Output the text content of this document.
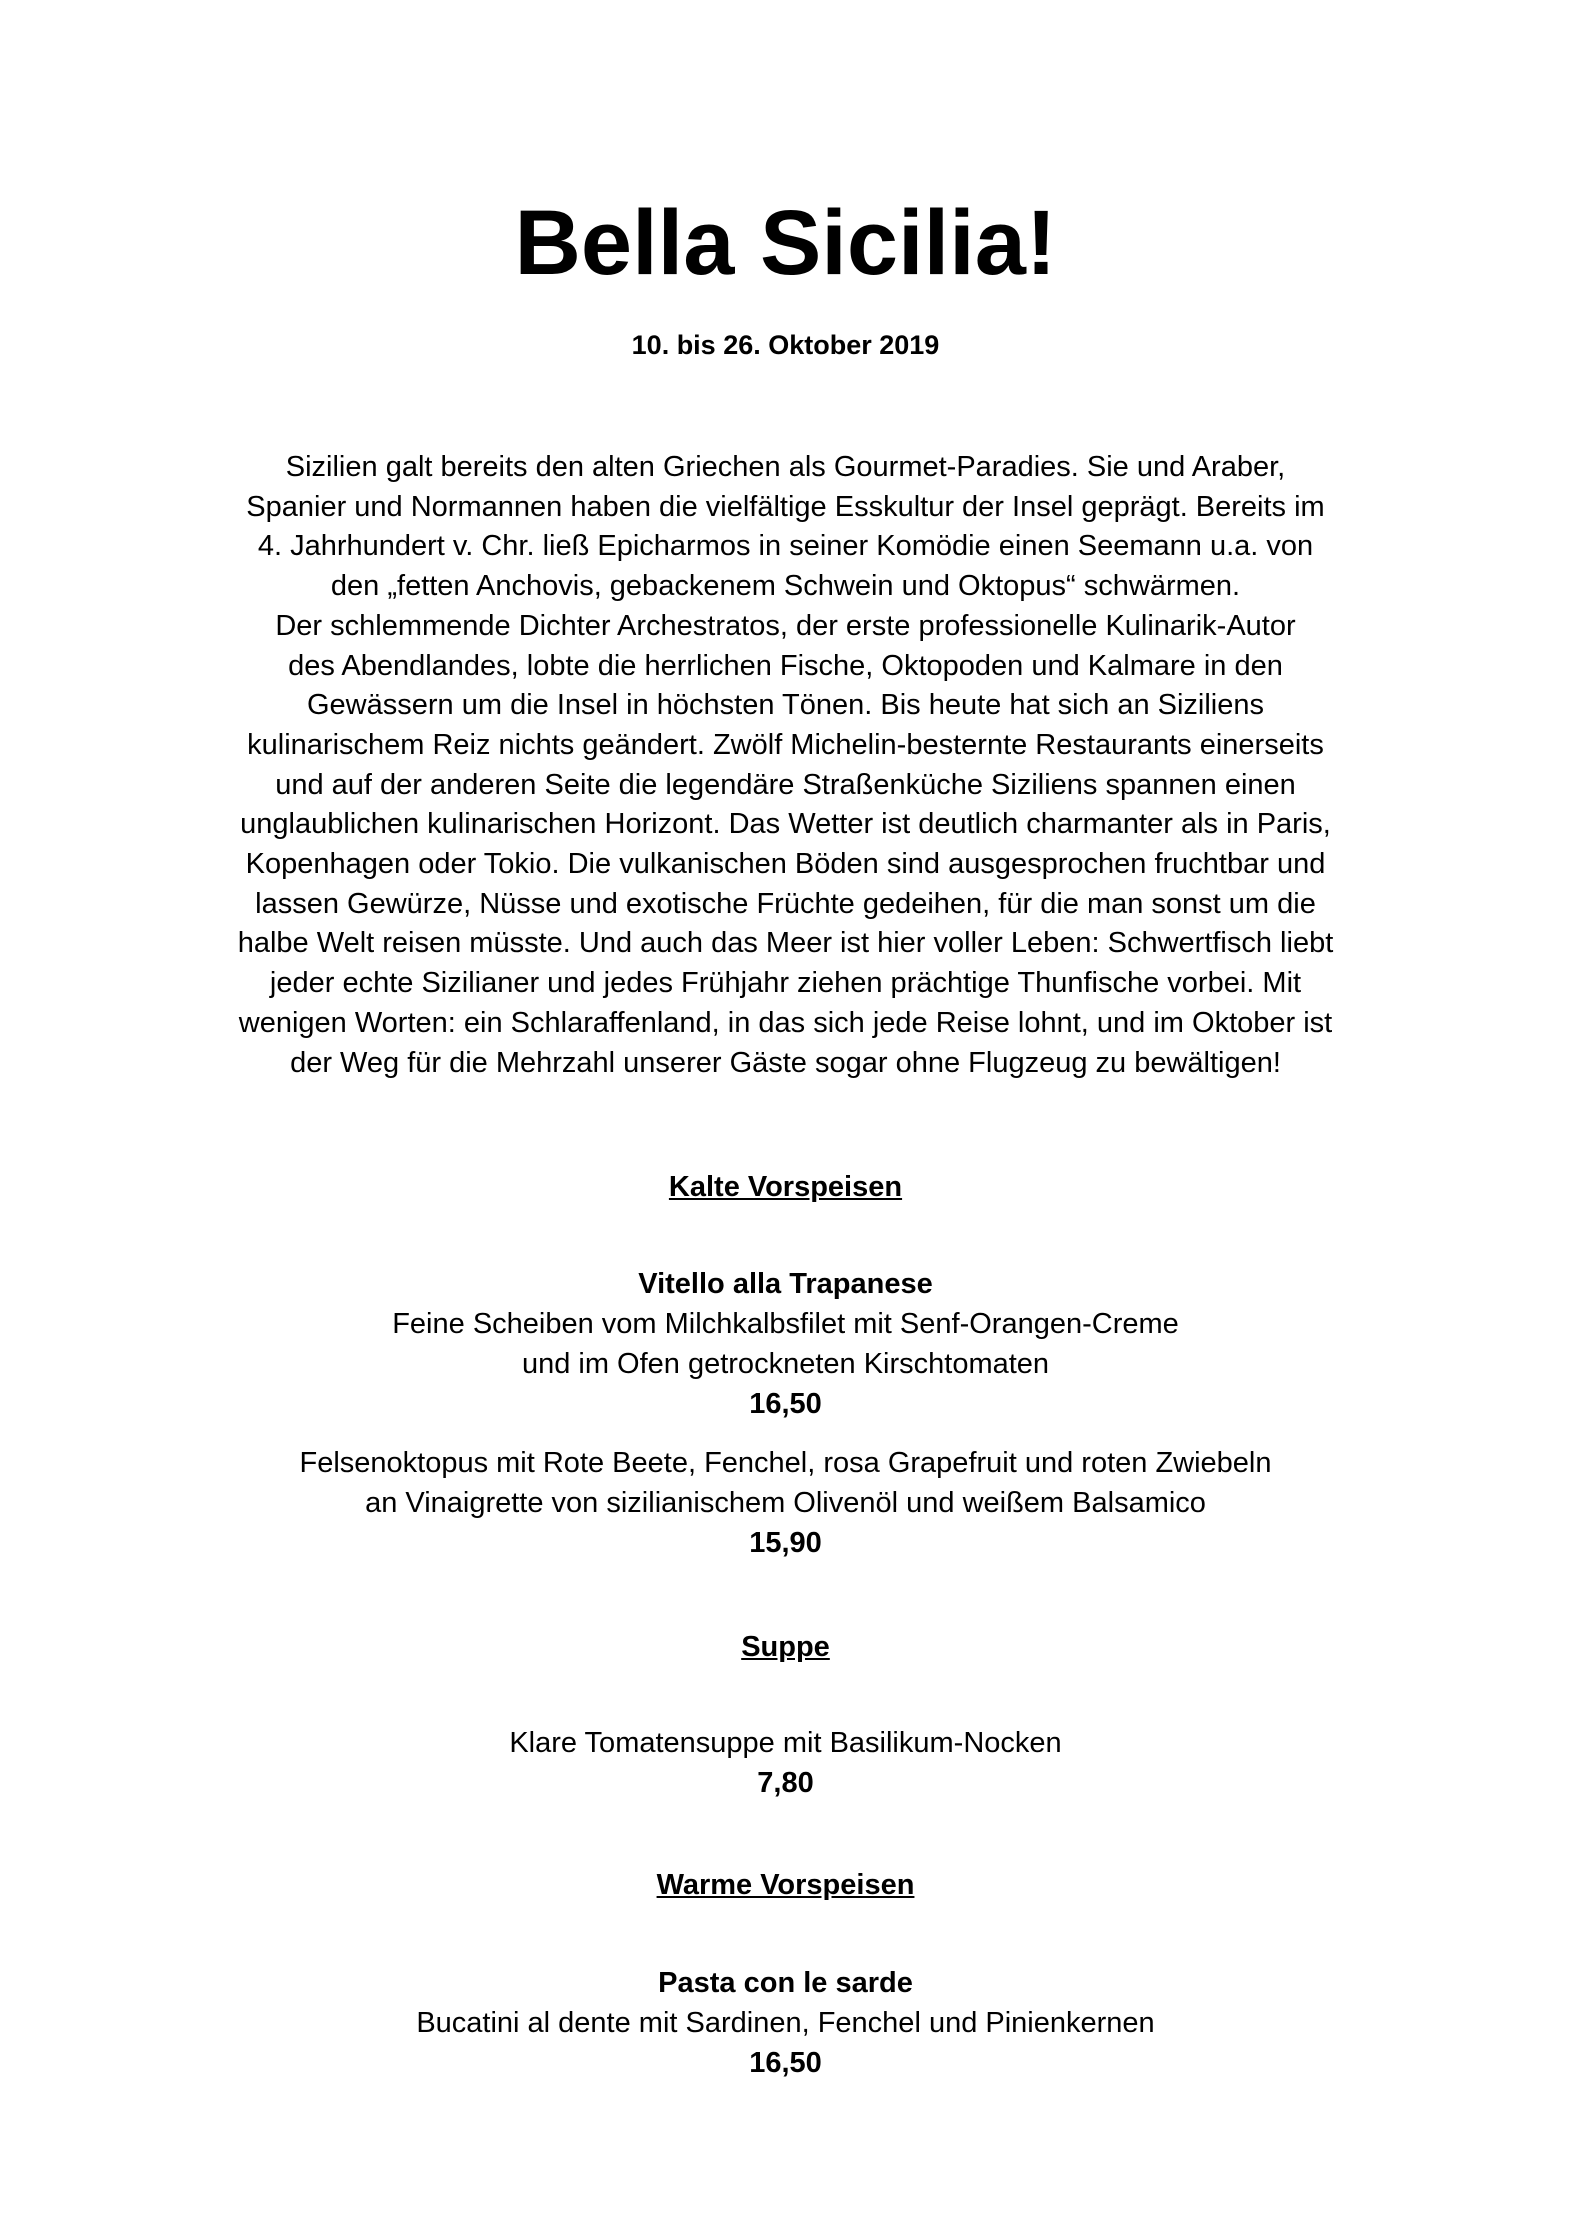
Bella Sicilia!
10. bis 26. Oktober 2019
Sizilien galt bereits den alten Griechen als Gourmet-Paradies. Sie und Araber,
Spanier und Normannen haben die vielfältige Esskultur der Insel geprägt. Bereits im
4. Jahrhundert v. Chr. ließ Epicharmos in seiner Komödie einen Seemann u.a. von
den „fetten Anchovis, gebackenem Schwein und Oktopus“ schwärmen.
Der schlemmende Dichter Archestratos, der erste professionelle Kulinarik-Autor
des Abendlandes, lobte die herrlichen Fische, Oktopoden und Kalmare in den
Gewässern um die Insel in höchsten Tönen. Bis heute hat sich an Siziliens
kulinarischem Reiz nichts geändert. Zwölf Michelin-besternte Restaurants einerseits
und auf der anderen Seite die legendäre Straßenküche Siziliens spannen einen
unglaublichen kulinarischen Horizont. Das Wetter ist deutlich charmanter als in Paris,
Kopenhagen oder Tokio. Die vulkanischen Böden sind ausgesprochen fruchtbar und
lassen Gewürze, Nüsse und exotische Früchte gedeihen, für die man sonst um die
halbe Welt reisen müsste. Und auch das Meer ist hier voller Leben: Schwertfisch liebt
jeder echte Sizilianer und jedes Frühjahr ziehen prächtige Thunfische vorbei. Mit
wenigen Worten: ein Schlaraffenland, in das sich jede Reise lohnt, und im Oktober ist
der Weg für die Mehrzahl unserer Gäste sogar ohne Flugzeug zu bewältigen!
Kalte Vorspeisen
Vitello alla Trapanese
Feine Scheiben vom Milchkalbsfilet mit Senf-Orangen-Creme
und im Ofen getrockneten Kirschtomaten
16,50
Felsenoktopus mit Rote Beete, Fenchel, rosa Grapefruit und roten Zwiebeln
an Vinaigrette von sizilianischem Olivenöl und weißem Balsamico
15,90
Suppe
Klare Tomatensuppe mit Basilikum-Nocken
7,80
Warme Vorspeisen
Pasta con le sarde
Bucatini al dente mit Sardinen, Fenchel und Pinienkernen
16,50
